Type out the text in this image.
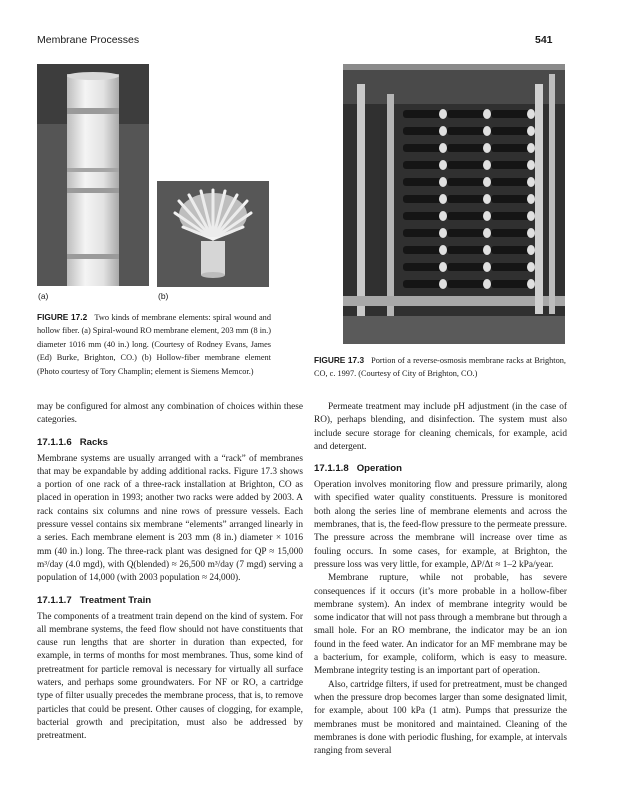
Membrane Processes	541
(a)	(b)
FIGURE 17.2 Two kinds of membrane elements: spiral wound and hollow fiber. (a) Spiral-wound RO membrane element, 203 mm (8 in.) diameter 1016 mm (40 in.) long. (Courtesy of Rodney Evans, James (Ed) Burke, Brighton, CO.) (b) Hollow-fiber membrane element (Photo courtesy of Tory Champlin; element is Siemens Memcor.)
FIGURE 17.3 Portion of a reverse-osmosis membrane racks at Brighton, CO, c. 1997. (Courtesy of City of Brighton, CO.)

may be configured for almost any combination of choices within these categories.

17.1.1.6 Racks

Membrane systems are usually arranged with a “rack” of membranes that may be expandable by adding additional racks. Figure 17.3 shows a portion of one rack of a three-rack installation at Brighton, CO as placed in operation in 1993; another two racks were added by 2003. A rack contains six columns and nine rows of pressure vessels. Each pressure vessel contains six membrane “elements” arranged linearly in a series. Each membrane element is 203 mm (8 in.) diameter × 1016 mm (40 in.) long. The three-rack plant was designed for QP ≈ 15,000 m³/day (4.0 mgd), with Q(blended) ≈ 26,500 m³/day (7 mgd) serving a population of 14,000 (with 2003 population ≈ 24,000).

17.1.1.7 Treatment Train

The components of a treatment train depend on the kind of system. For all membrane systems, the feed flow should not have constituents that cause run lengths that are shorter in duration than expected, for example, in terms of months for most membranes. Thus, some kind of pretreatment for particle removal is necessary for virtually all surface waters, and perhaps some groundwaters. For NF or RO, a cartridge type of filter usually precedes the membrane process, that is, to remove particles that could be present. Other causes of clogging, for example, bacterial growth and precipitation, must also be addressed by pretreatment.

Permeate treatment may include pH adjustment (in the case of RO), perhaps blending, and disinfection. The system must also include secure storage for cleaning chemicals, for example, acid and detergent.

17.1.1.8 Operation

Operation involves monitoring flow and pressure primarily, along with specified water quality constituents. Pressure is monitored both along the series line of membrane elements and across the membranes, that is, the feed-flow pressure to the permeate pressure. The pressure across the membrane will increase over time as fouling occurs. In some cases, for example, at Brighton, the pressure loss was very little, for example, ΔP/Δt ≈ 1–2 kPa/year.

Membrane rupture, while not probable, has severe consequences if it occurs (it’s more probable in a hollow-fiber membrane system). An index of membrane integrity would be some indicator that will not pass through a membrane but through a small hole. For an RO membrane, the indicator may be an ion found in the feed water. An indicator for an MF membrane may be a bacterium, for example, coliform, which is easy to measure. Membrane integrity testing is an important part of operation.

Also, cartridge filters, if used for pretreatment, must be changed when the pressure drop becomes larger than some designated limit, for example, about 100 kPa (1 atm). Pumps that pressurize the membranes must be monitored and maintained. Cleaning of the membranes is done with periodic flushing, for example, at intervals ranging from several
